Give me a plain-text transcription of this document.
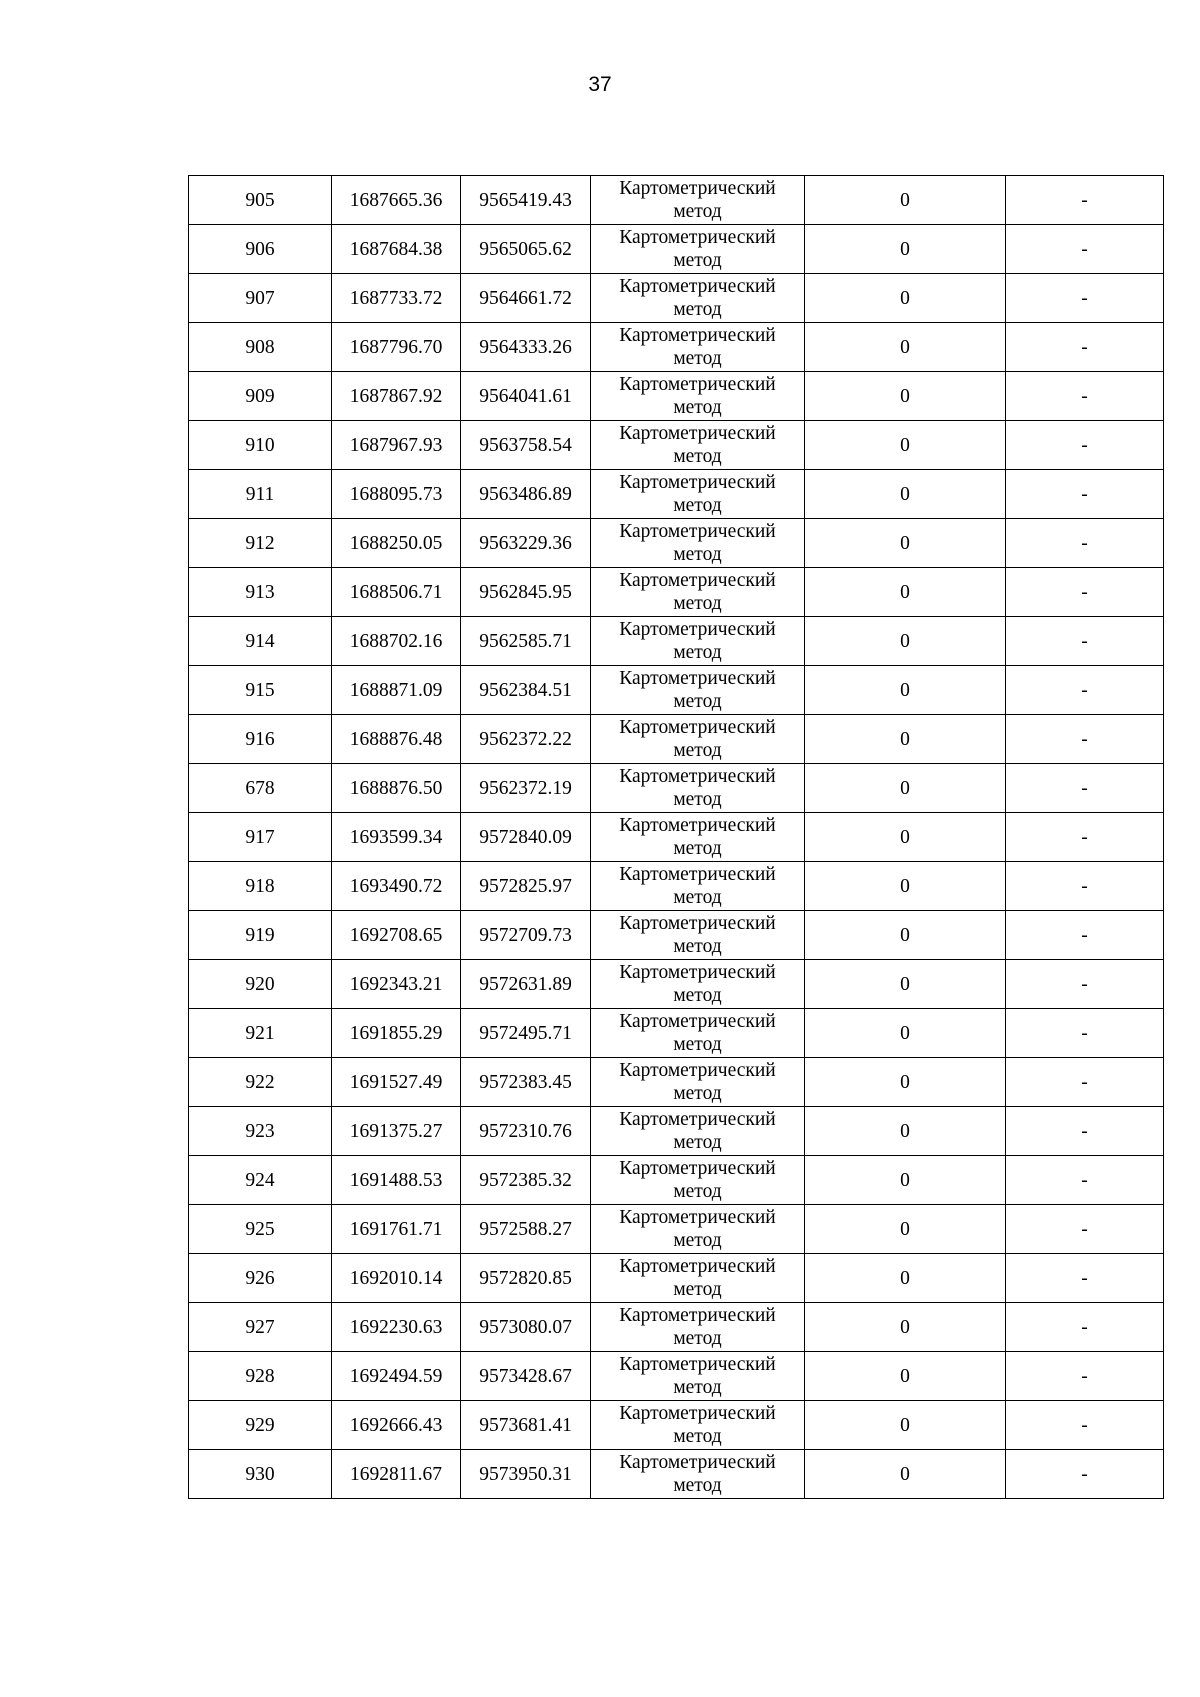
37
905	1687665.36	9565419.43	Картометрический
метод	0	-
906	1687684.38	9565065.62	Картометрический
метод	0	-
907	1687733.72	9564661.72	Картометрический
метод	0	-
908	1687796.70	9564333.26	Картометрический
метод	0	-
909	1687867.92	9564041.61	Картометрический
метод	0	-
910	1687967.93	9563758.54	Картометрический
метод	0	-
911	1688095.73	9563486.89	Картометрический
метод	0	-
912	1688250.05	9563229.36	Картометрический
метод	0	-
913	1688506.71	9562845.95	Картометрический
метод	0	-
914	1688702.16	9562585.71	Картометрический
метод	0	-
915	1688871.09	9562384.51	Картометрический
метод	0	-
916	1688876.48	9562372.22	Картометрический
метод	0	-
678	1688876.50	9562372.19	Картометрический
метод	0	-
917	1693599.34	9572840.09	Картометрический
метод	0	-
918	1693490.72	9572825.97	Картометрический
метод	0	-
919	1692708.65	9572709.73	Картометрический
метод	0	-
920	1692343.21	9572631.89	Картометрический
метод	0	-
921	1691855.29	9572495.71	Картометрический
метод	0	-
922	1691527.49	9572383.45	Картометрический
метод	0	-
923	1691375.27	9572310.76	Картометрический
метод	0	-
924	1691488.53	9572385.32	Картометрический
метод	0	-
925	1691761.71	9572588.27	Картометрический
метод	0	-
926	1692010.14	9572820.85	Картометрический
метод	0	-
927	1692230.63	9573080.07	Картометрический
метод	0	-
928	1692494.59	9573428.67	Картометрический
метод	0	-
929	1692666.43	9573681.41	Картометрический
метод	0	-
930	1692811.67	9573950.31	Картометрический
метод	0	-
